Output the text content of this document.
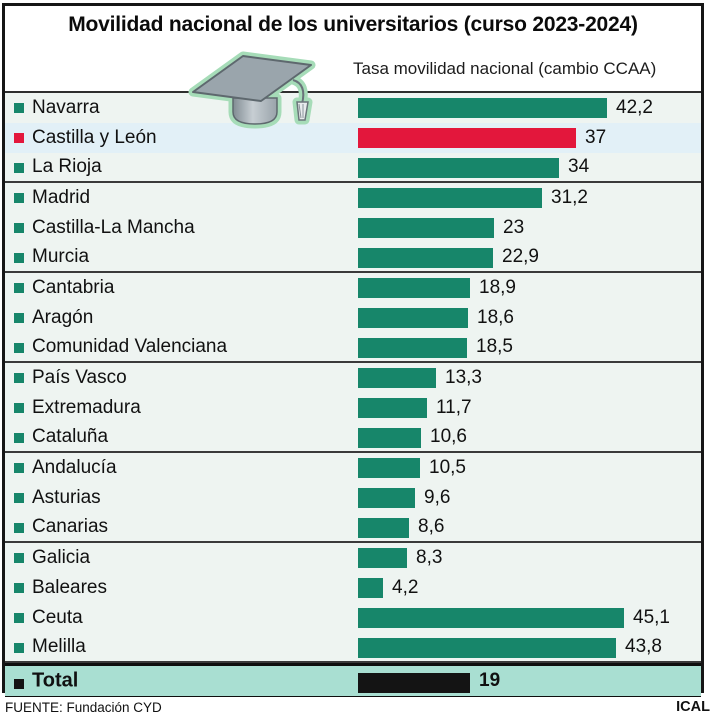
Movilidad nacional de los universitarios (curso 2023-2024)
Tasa movilidad nacional (cambio CCAA)
Navarra	42,2
Castilla y León	37
La Rioja	34
Madrid	31,2
Castilla-La Mancha	23
Murcia	22,9
Cantabria	18,9
Aragón	18,6
Comunidad Valenciana	18,5
País Vasco	13,3
Extremadura	11,7
Cataluña	10,6
Andalucía	10,5
Asturias	9,6
Canarias	8,6
Galicia	8,3
Baleares	4,2
Ceuta	45,1
Melilla	43,8
Total	19
FUENTE: Fundación CYD	ICAL
